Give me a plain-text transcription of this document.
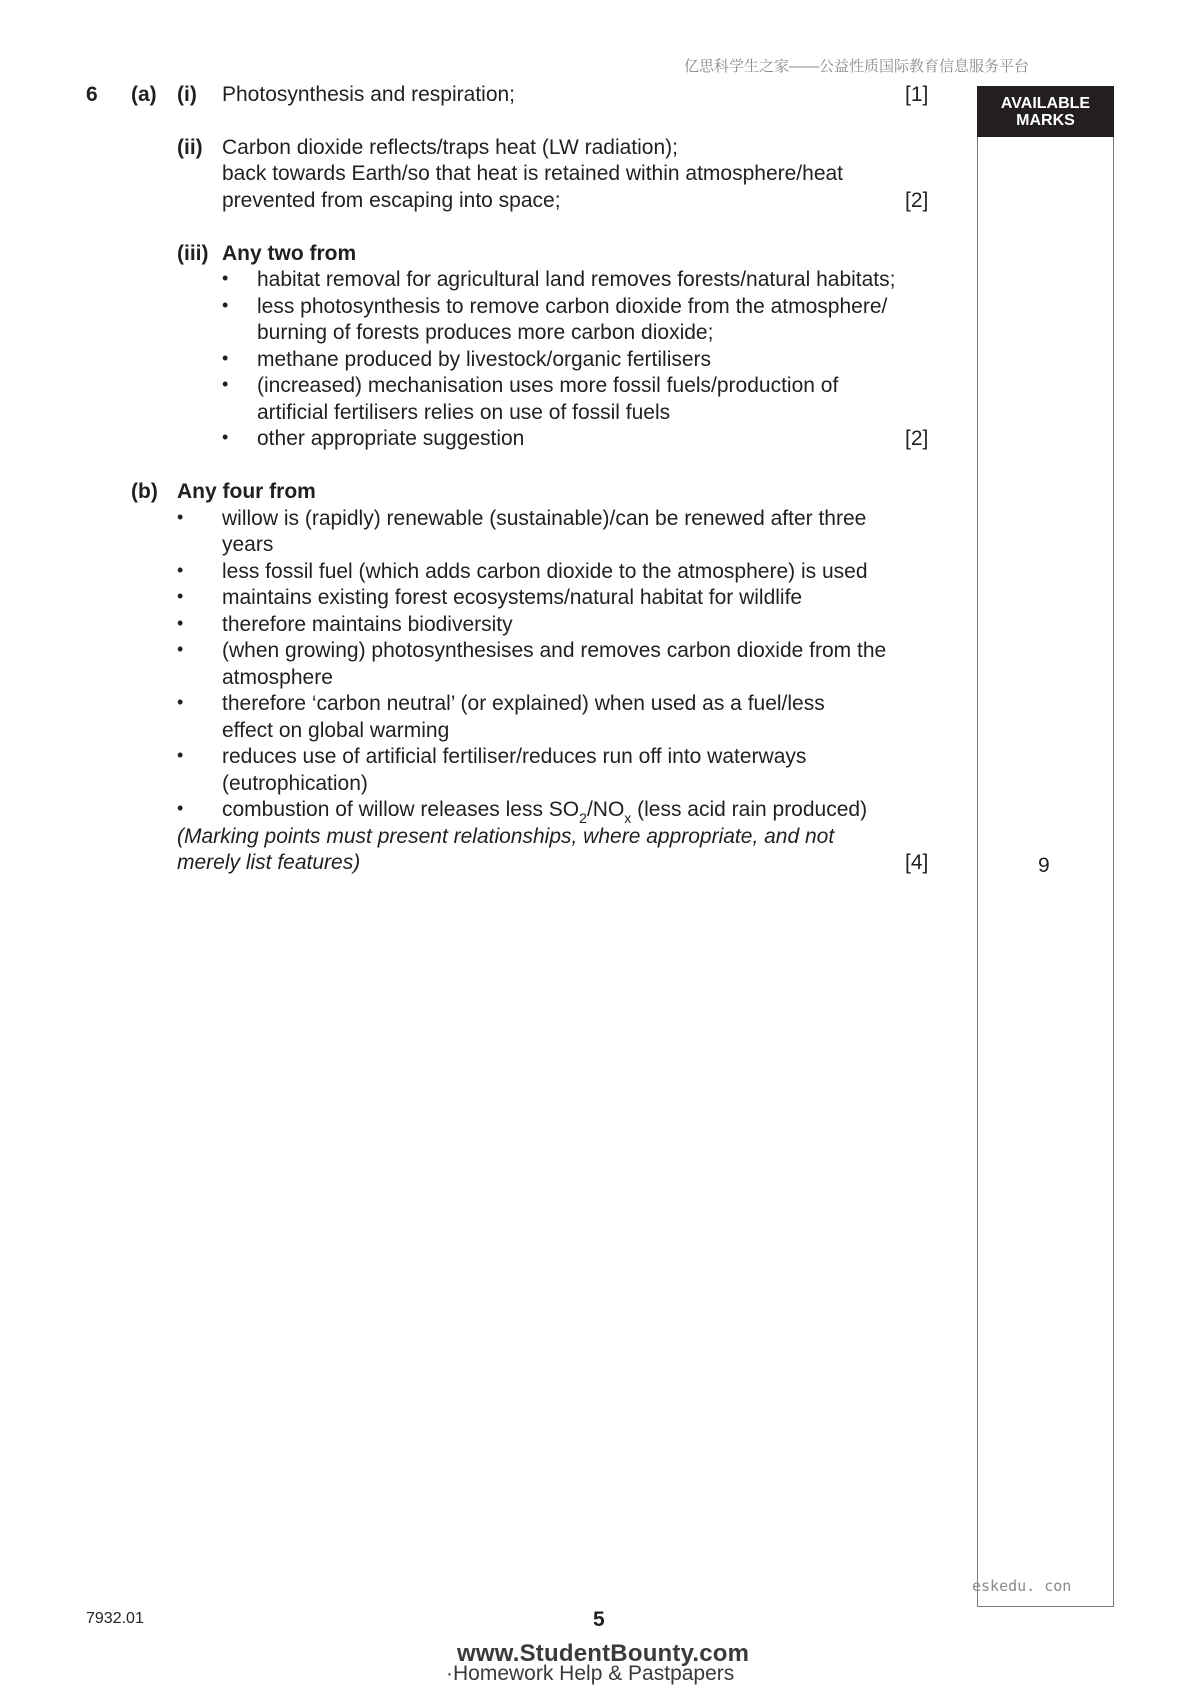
亿思科学生之家——公益性质国际教育信息服务平台
AVAILABLE
MARKS
9
6 (a) (i) Photosynthesis and respiration;	[1]
(ii) Carbon dioxide reflects/traps heat (LW radiation);
back towards Earth/so that heat is retained within atmosphere/heat
prevented from escaping into space;	[2]
(iii) Any two from
• habitat removal for agricultural land removes forests/natural habitats;
• less photosynthesis to remove carbon dioxide from the atmosphere/
burning of forests produces more carbon dioxide;
• methane produced by livestock/organic fertilisers
• (increased) mechanisation uses more fossil fuels/production of
artificial fertilisers relies on use of fossil fuels
• other appropriate suggestion	[2]
(b) Any four from
• willow is (rapidly) renewable (sustainable)/can be renewed after three
years
• less fossil fuel (which adds carbon dioxide to the atmosphere) is used
• maintains existing forest ecosystems/natural habitat for wildlife
• therefore maintains biodiversity
• (when growing) photosynthesises and removes carbon dioxide from the
atmosphere
• therefore ‘carbon neutral’ (or explained) when used as a fuel/less
effect on global warming
• reduces use of artificial fertiliser/reduces run off into waterways
(eutrophication)
• combustion of willow releases less $SO_2/NO_x$ (less acid rain produced)
(Marking points must present relationships, where appropriate, and not
merely list features)	[4]
eskedu. con
7932.01	5
www.StudentBounty.com
·Homework Help & Pastpapers
